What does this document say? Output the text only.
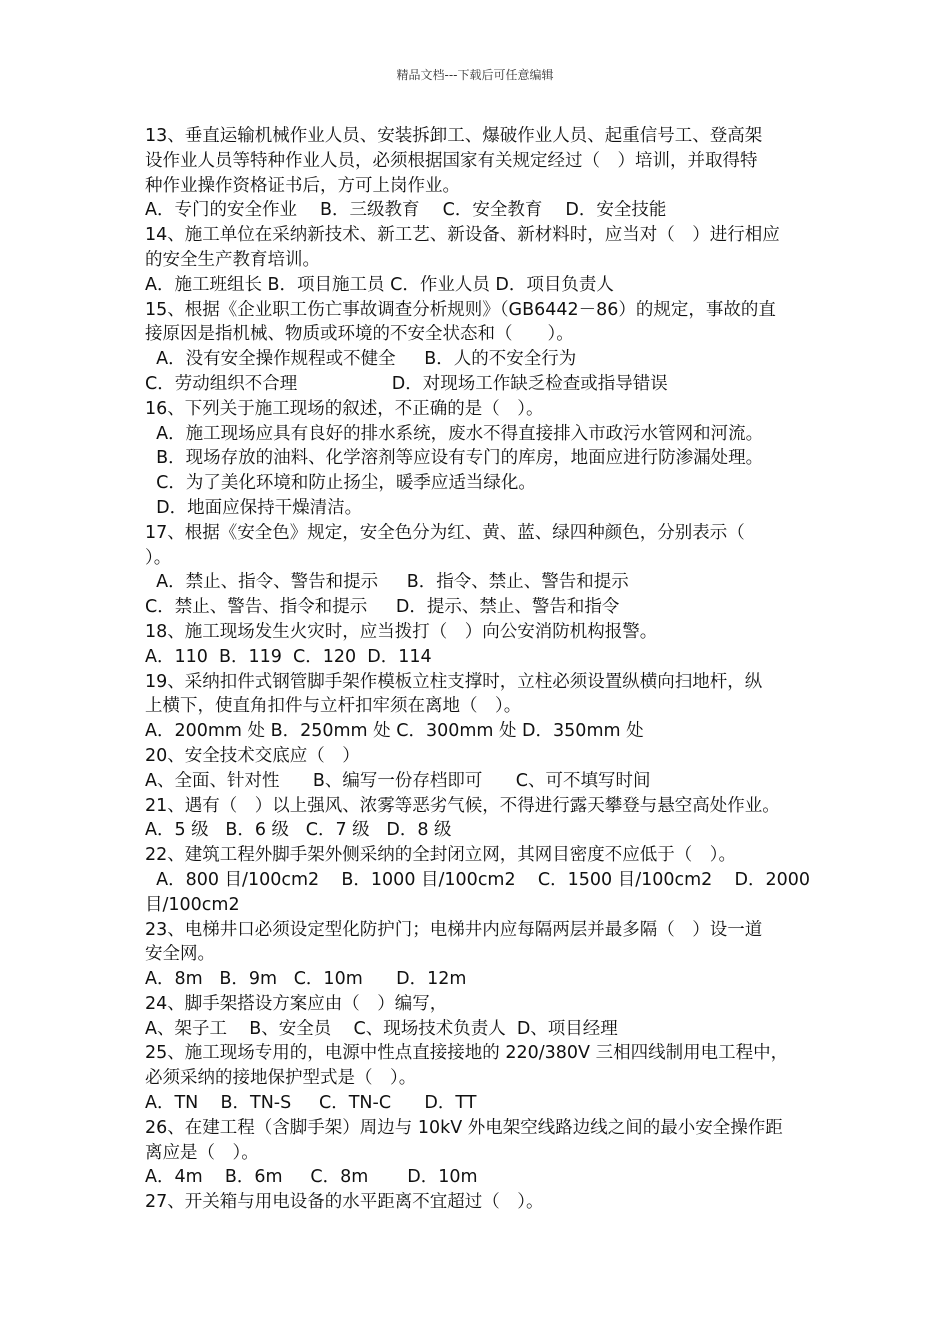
精品文档---下载后可任意编辑
13、垂直运输机械作业人员、安装拆卸工、爆破作业人员、起重信号工、登高架
设作业人员等特种作业人员，必须根据国家有关规定经过（　）培训，并取得特
种作业操作资格证书后，方可上岗作业。
A．专门的安全作业　 B．三级教育　 C．安全教育　 D．安全技能
14、施工单位在采纳新技术、新工艺、新设备、新材料时，应当对（　）进行相应
的安全生产教育培训。
A．施工班组长 B．项目施工员 C．作业人员 D．项目负责人
15、根据《企业职工伤亡事故调查分析规则》（GB6442－86）的规定，事故的直
接原因是指机械、物质或环境的不安全状态和（　　）。
A．没有安全操作规程或不健全　  B．人的不安全行为
C．劳动组织不合理                 D．对现场工作缺乏检查或指导错误
16、下列关于施工现场的叙述，不正确的是（　）。
A．施工现场应具有良好的排水系统，废水不得直接排入市政污水管网和河流。
B．现场存放的油料、化学溶剂等应设有专门的库房，地面应进行防渗漏处理。
C．为了美化环境和防止扬尘，暖季应适当绿化。
D．地面应保持干燥清洁。
17、根据《安全色》规定，安全色分为红、黄、蓝、绿四种颜色，分别表示（
）。
A．禁止、指令、警告和提示　  B．指令、禁止、警告和提示
C．禁止、警告、指令和提示　  D．提示、禁止、警告和指令
18、施工现场发生火灾时，应当拨打（　）向公安消防机构报警。
A．110  B．119  C．120  D．114
19、采纳扣件式钢管脚手架作模板立柱支撑时，立柱必须设置纵横向扫地杆，纵
上横下，使直角扣件与立杆扣牢须在离地（　）。
A．200mm 处 B．250mm 处 C．300mm 处 D．350mm 处
20、安全技术交底应（　）
A、全面、针对性      B、编写一份存档即可      C、可不填写时间
21、遇有（　）以上强风、浓雾等恶劣气候，不得进行露天攀登与悬空高处作业。
A．5 级   B．6 级   C．7 级   D．8 级
22、建筑工程外脚手架外侧采纳的全封闭立网，其网目密度不应低于（　）。
A．800 目/100cm2    B．1000 目/100cm2    C．1500 目/100cm2    D．2000
目/100cm2
23、电梯井口必须设定型化防护门；电梯井内应每隔两层并最多隔（　）设一道
安全网。
A．8m   B．9m   C．10m      D．12m
24、脚手架搭设方案应由（　）编写，
A、架子工    B、安全员    C、现场技术负责人  D、项目经理
25、施工现场专用的，电源中性点直接接地的 220/380V 三相四线制用电工程中，
必须采纳的接地保护型式是（　）。
A．TN    B．TN-S     C．TN-C      D．TT
26、在建工程（含脚手架）周边与 10kV 外电架空线路边线之间的最小安全操作距
离应是（　）。
A．4m    B．6m     C．8m       D．10m
27、开关箱与用电设备的水平距离不宜超过（　）。
